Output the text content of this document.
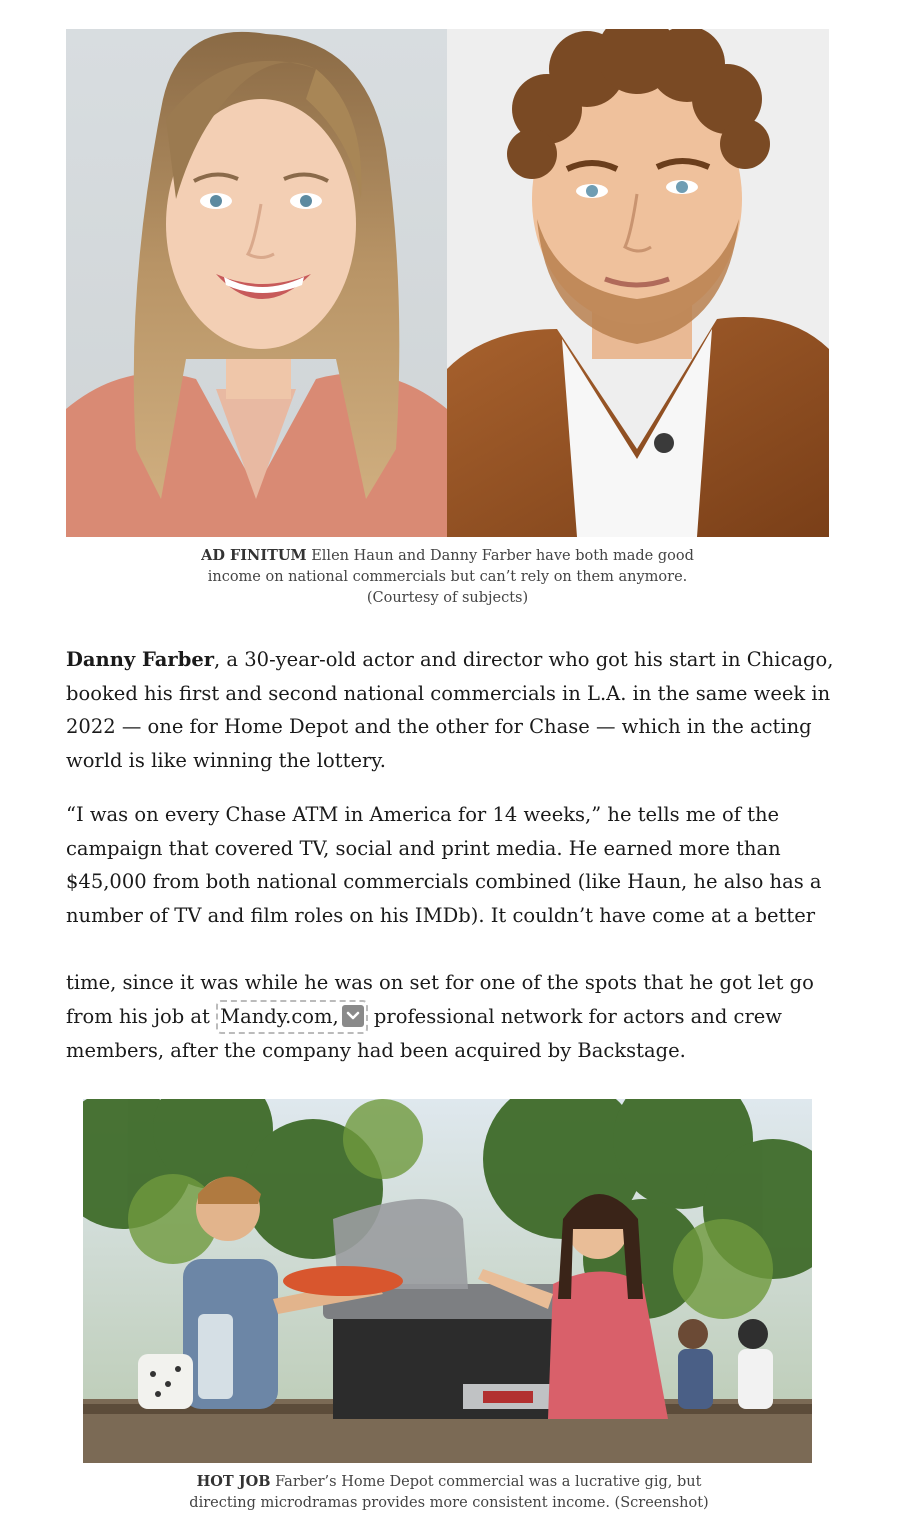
AD FINITUM Ellen Haun and Danny Farber have both made good income on national commercials but can’t rely on them anymore. (Courtesy of subjects)

Danny Farber, a 30-year-old actor and director who got his start in Chicago, booked his first and second national commercials in L.A. in the same week in 2022 — one for Home Depot and the other for Chase — which in the acting world is like winning the lottery.

“I was on every Chase ATM in America for 14 weeks,” he tells me of the campaign that covered TV, social and print media. He earned more than $45,000 from both national commercials combined (like Haun, he also has a number of TV and film roles on his IMDb). It couldn’t have come at a better

time, since it was while he was on set for one of the spots that he got let go from his job at Mandy.com,
professional network for actors and crew members, after the company had been acquired by Backstage.

HOT JOB Farber’s Home Depot commercial was a lucrative gig, but directing microdramas provides more consistent income. (Screenshot)
